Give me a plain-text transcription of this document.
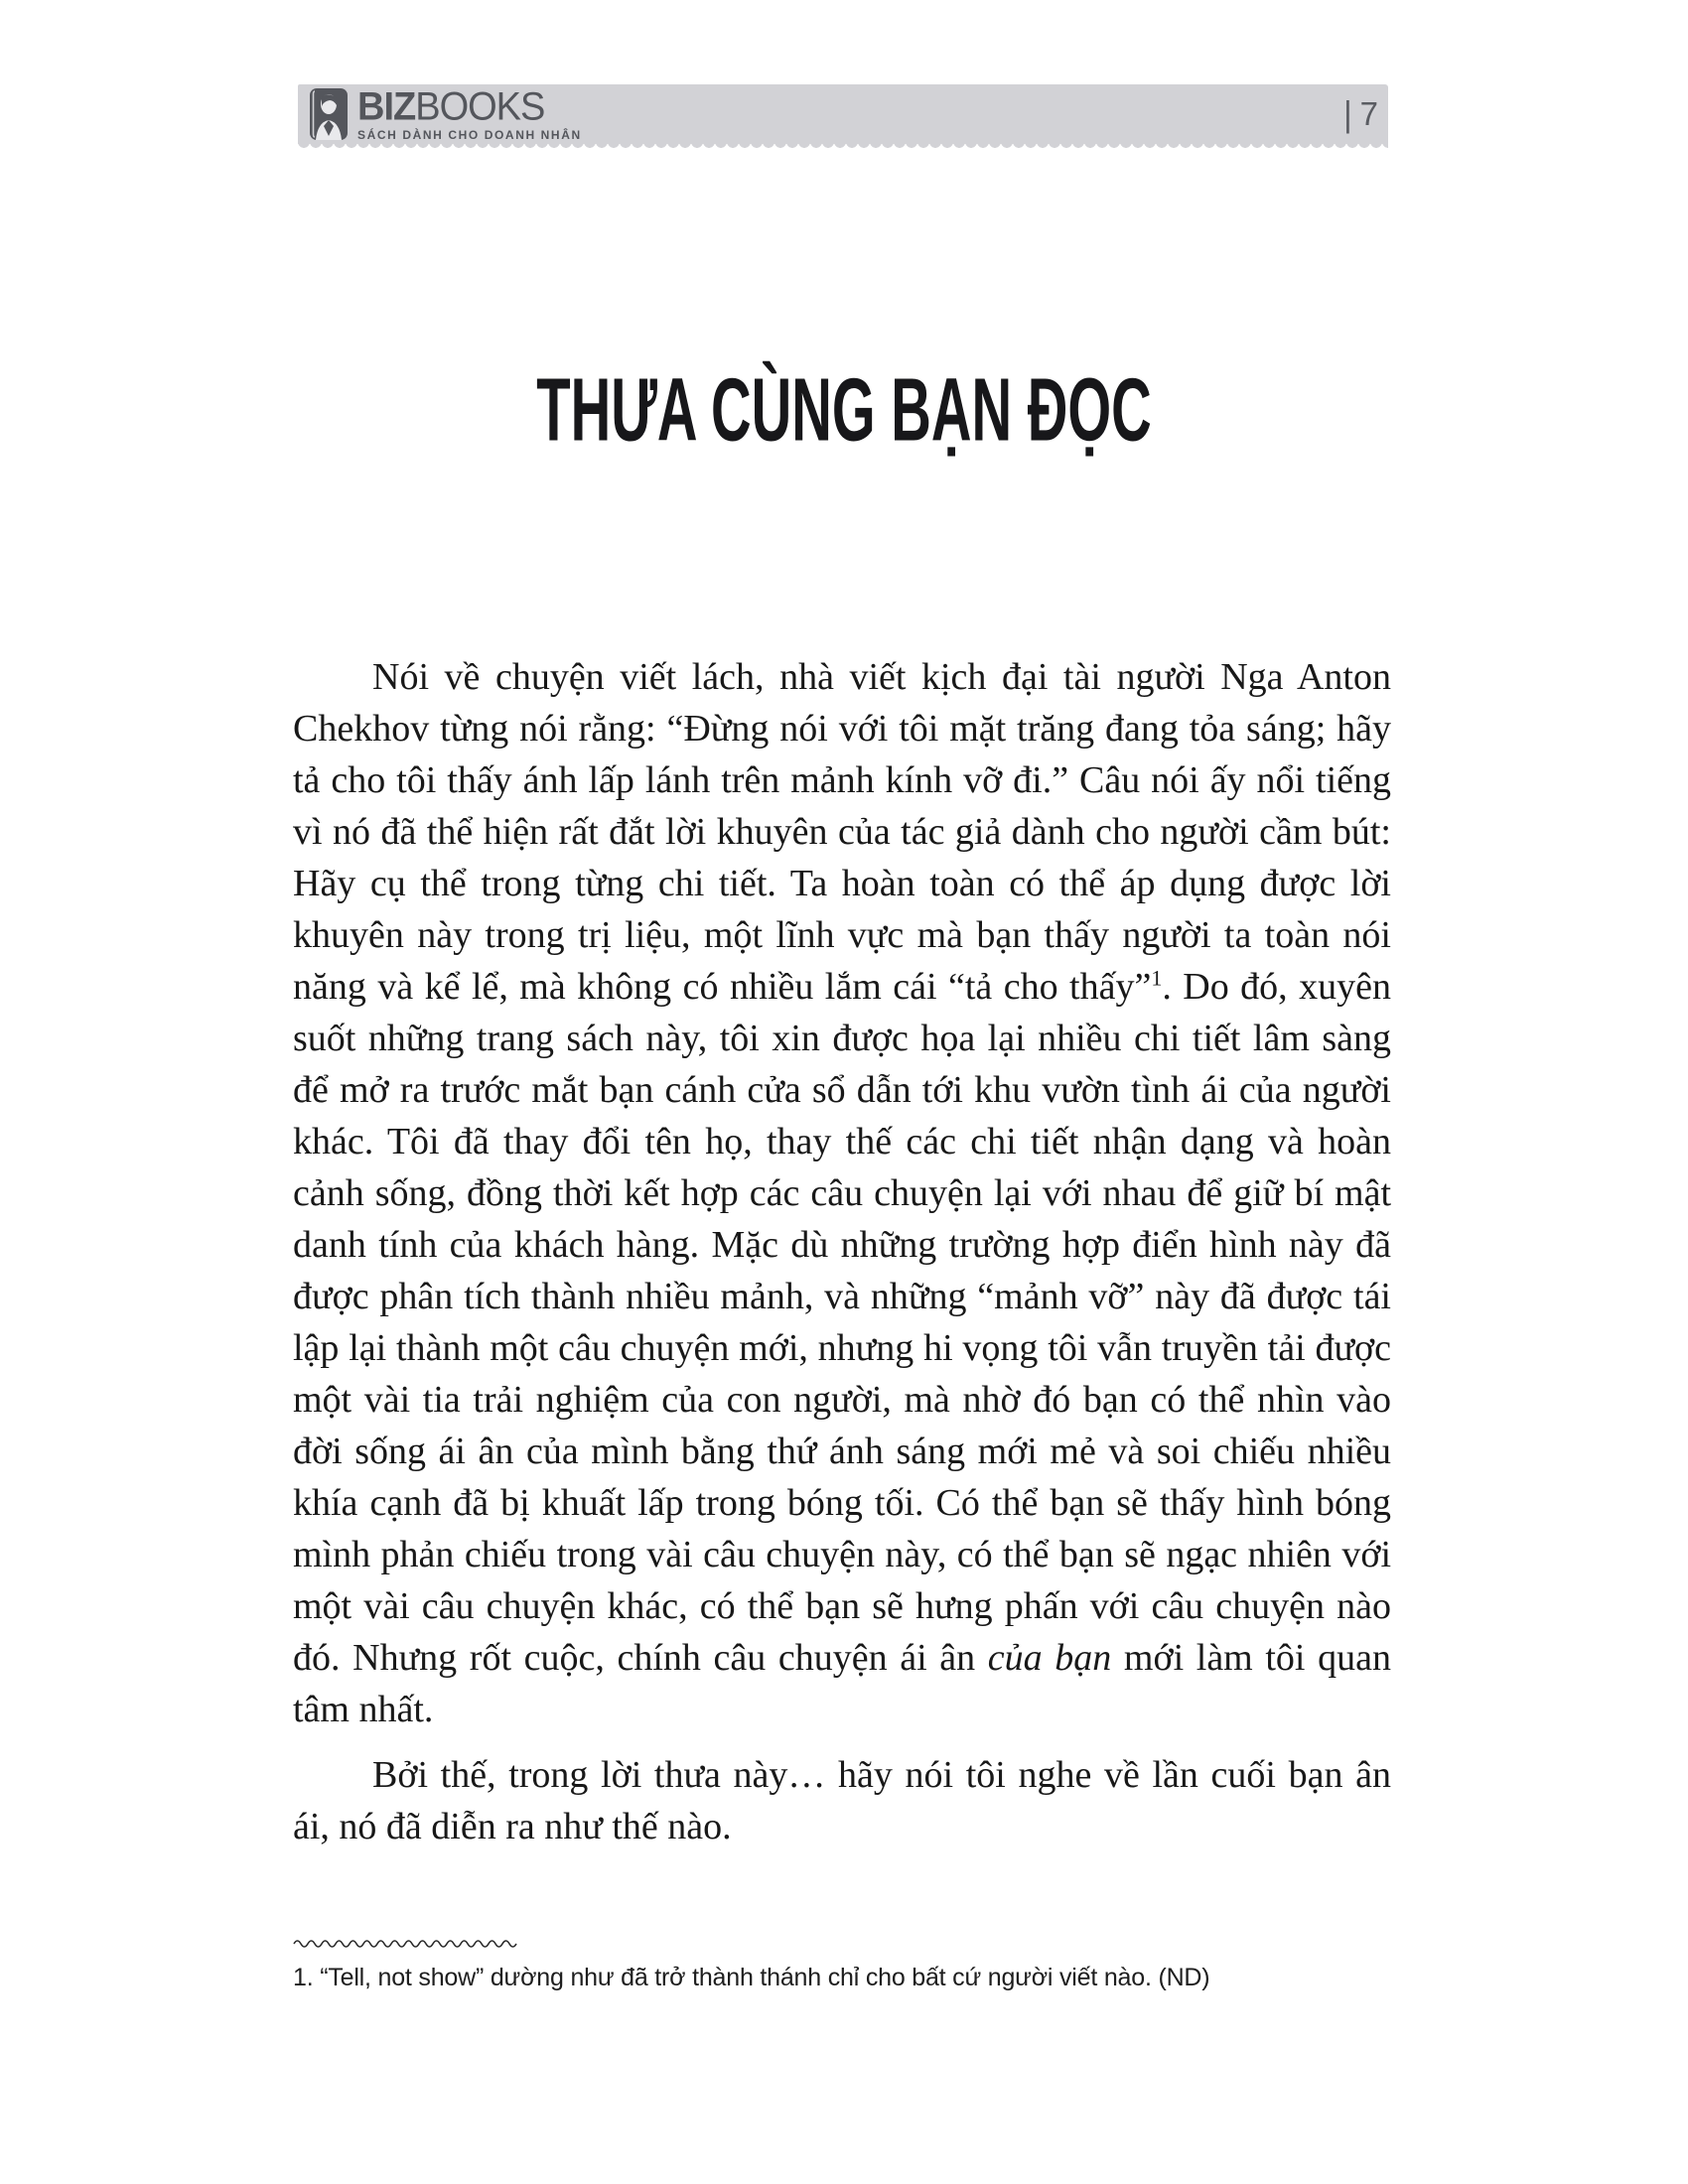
BIZBOOKS
SÁCH DÀNH CHO DOANH NHÂN
| 7
THƯA CÙNG BẠN ĐỌC

Nói về chuyện viết lách, nhà viết kịch đại tài người Nga Anton Chekhov từng nói rằng: “Đừng nói với tôi mặt trăng đang tỏa sáng; hãy tả cho tôi thấy ánh lấp lánh trên mảnh kính vỡ đi.” Câu nói ấy nổi tiếng vì nó đã thể hiện rất đắt lời khuyên của tác giả dành cho người cầm bút: Hãy cụ thể trong từng chi tiết. Ta hoàn toàn có thể áp dụng được lời khuyên này trong trị liệu, một lĩnh vực mà bạn thấy người ta toàn nói năng và kể lể, mà không có nhiều lắm cái “tả cho thấy”$^1$. Do đó, xuyên suốt những trang sách này, tôi xin được họa lại nhiều chi tiết lâm sàng để mở ra trước mắt bạn cánh cửa sổ dẫn tới khu vườn tình ái của người khác. Tôi đã thay đổi tên họ, thay thế các chi tiết nhận dạng và hoàn cảnh sống, đồng thời kết hợp các câu chuyện lại với nhau để giữ bí mật danh tính của khách hàng. Mặc dù những trường hợp điển hình này đã được phân tích thành nhiều mảnh, và những “mảnh vỡ” này đã được tái lập lại thành một câu chuyện mới, nhưng hi vọng tôi vẫn truyền tải được một vài tia trải nghiệm của con người, mà nhờ đó bạn có thể nhìn vào đời sống ái ân của mình bằng thứ ánh sáng mới mẻ và soi chiếu nhiều khía cạnh đã bị khuất lấp trong bóng tối. Có thể bạn sẽ thấy hình bóng mình phản chiếu trong vài câu chuyện này, có thể bạn sẽ ngạc nhiên với một vài câu chuyện khác, có thể bạn sẽ hưng phấn với câu chuyện nào đó. Nhưng rốt cuộc, chính câu chuyện ái ân của bạn mới làm tôi quan tâm nhất.

Bởi thế, trong lời thưa này… hãy nói tôi nghe về lần cuối bạn ân ái, nó đã diễn ra như thế nào.

1. “Tell, not show” dường như đã trở thành thánh chỉ cho bất cứ người viết nào. (ND)
